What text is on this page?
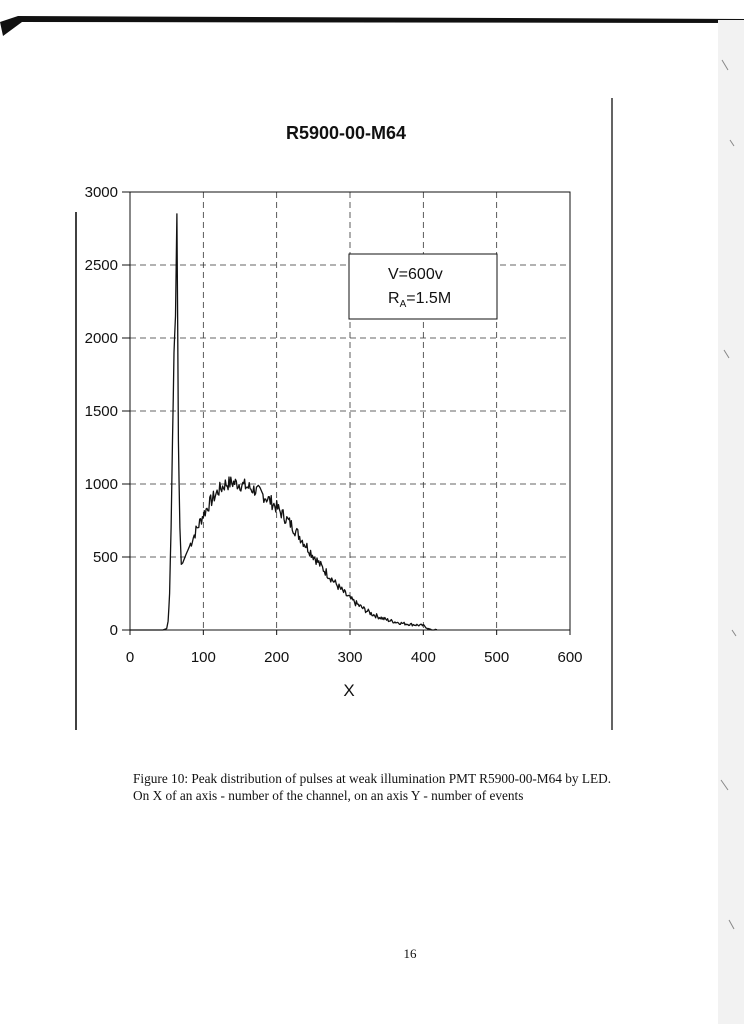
R5900-00-M64
0	100	200	300	400	500	600
0
500
1000
1500
2000
2500
3000
V=600v
$R_A=1.5M$
X
Figure 10: Peak distribution of pulses at weak illumination PMT R5900-00-M64 by LED.
On X of an axis - number of the channel, on an axis Y - number of events
16
